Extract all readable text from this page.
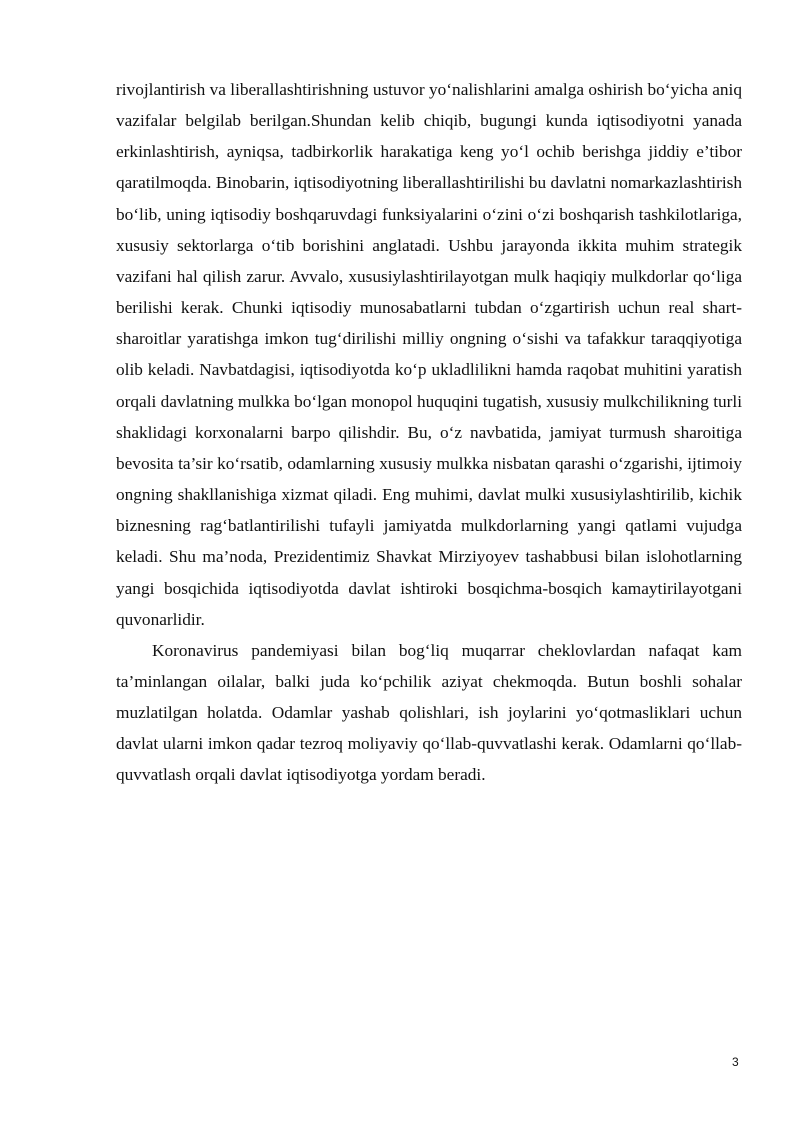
rivojlantirish va liberallashtirishning ustuvor yo‘nalishlarini amalga oshirish bo‘yicha aniq vazifalar belgilab berilgan.Shundan kelib chiqib, bugungi kunda iqtisodiyotni yanada erkinlashtirish, ayniqsa, tadbirkorlik harakatiga keng yo‘l ochib berishga jiddiy e’tibor qaratilmoqda. Binobarin, iqtisodiyotning liberallashtirilishi bu davlatni nomarkazlashtirish bo‘lib, uning iqtisodiy boshqaruvdagi funksiyalarini o‘zini o‘zi boshqarish tashkilotlariga, xususiy sektorlarga o‘tib borishini anglatadi. Ushbu jarayonda ikkita muhim strategik vazifani hal qilish zarur. Avvalo, xususiylashtirilayotgan mulk haqiqiy mulkdorlar qo‘liga berilishi kerak. Chunki iqtisodiy munosabatlarni tubdan o‘zgartirish uchun real shart-sharoitlar yaratishga imkon tug‘dirilishi milliy ongning o‘sishi va tafakkur taraqqiyotiga olib keladi. Navbatdagisi, iqtisodiyotda ko‘p ukladlilikni hamda raqobat muhitini yaratish orqali davlatning mulkka bo‘lgan monopol huquqini tugatish, xususiy mulkchilikning turli shaklidagi korxonalarni barpo qilishdir. Bu, o‘z navbatida, jamiyat turmush sharoitiga bevosita ta’sir ko‘rsatib, odamlarning xususiy mulkka nisbatan qarashi o‘zgarishi, ijtimoiy ongning shakllanishiga xizmat qiladi. Eng muhimi, davlat mulki xususiylashtirilib, kichik biznesning rag‘batlantirilishi tufayli jamiyatda mulkdorlarning yangi qatlami vujudga keladi. Shu ma’noda, Prezidentimiz Shavkat Mirziyoyev tashabbusi bilan islohotlarning yangi bosqichida iqtisodiyotda davlat ishtiroki bosqichma-bosqich kamaytirilayotgani quvonarlidir.

Koronavirus pandemiyasi bilan bog‘liq muqarrar cheklovlardan nafaqat kam ta’minlangan oilalar, balki juda ko‘pchilik aziyat chekmoqda. Butun boshli sohalar muzlatilgan holatda. Odamlar yashab qolishlari, ish joylarini yo‘qotmasliklari uchun davlat ularni imkon qadar tezroq moliyaviy qo‘llab-quvvatlashi kerak. Odamlarni qo‘llab-quvvatlash orqali davlat iqtisodiyotga yordam beradi.

3
